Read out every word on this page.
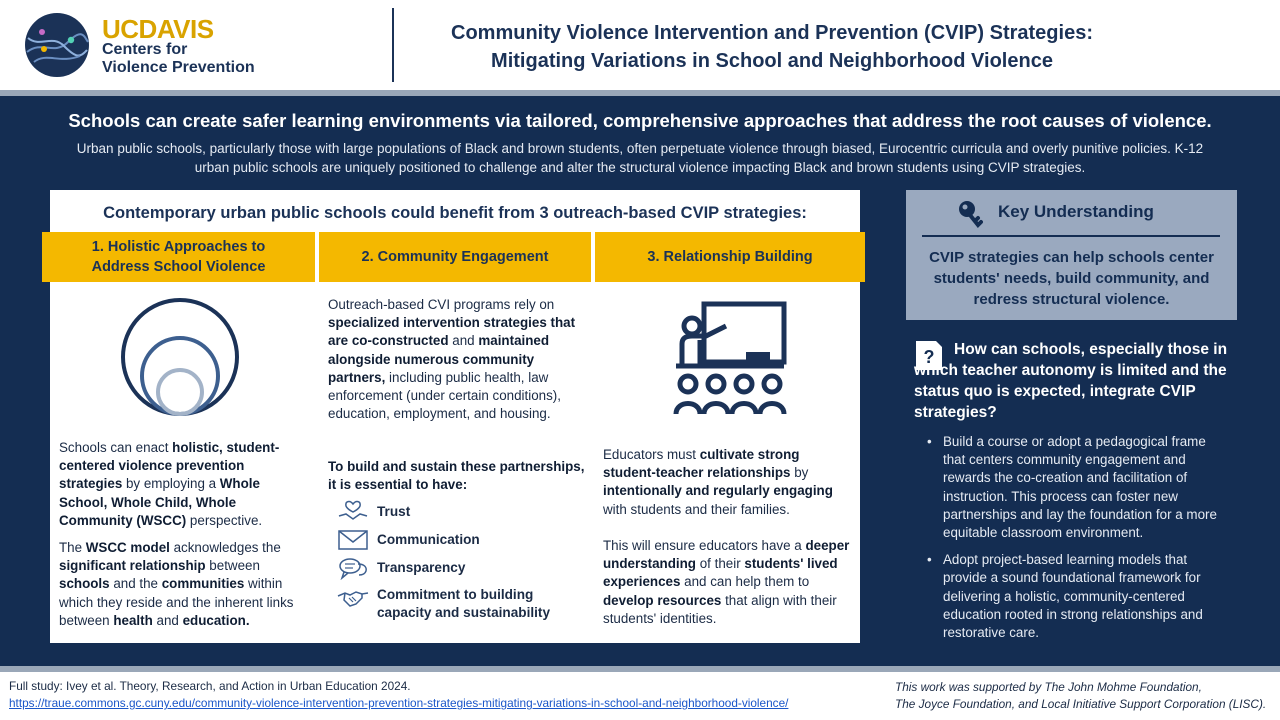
UCDAVIS
Centers for
Violence Prevention
Community Violence Intervention and Prevention (CVIP) Strategies:
Mitigating Variations in School and Neighborhood Violence
Schools can create safer learning environments via tailored, comprehensive approaches that address the root causes of violence.
Urban public schools, particularly those with large populations of Black and brown students, often perpetuate violence through biased, Eurocentric curricula and overly punitive policies. K-12 urban public schools are uniquely positioned to challenge and alter the structural violence impacting Black and brown students using CVIP strategies.
Contemporary urban public schools could benefit from 3 outreach-based CVIP strategies:
1. Holistic Approaches to Address School Violence
2. Community Engagement	3. Relationship Building
Schools can enact holistic, student-centered violence prevention strategies by employing a Whole School, Whole Child, Whole Community (WSCC) perspective.
The WSCC model acknowledges the significant relationship between schools and the communities within which they reside and the inherent links between health and education.
Outreach-based CVI programs rely on specialized intervention strategies that are co-constructed and maintained alongside numerous community partners, including public health, law enforcement (under certain conditions), education, employment, and housing.
To build and sustain these partnerships, it is essential to have:
Trust
Communication
Transparency
Commitment to building capacity and sustainability
Educators must cultivate strong student-teacher relationships by intentionally and regularly engaging with students and their families.
This will ensure educators have a deeper understanding of their students' lived experiences and can help them to develop resources that align with their students' identities.
Key Understanding
CVIP strategies can help schools center students' needs, build community, and redress structural violence.
?	How can schools, especially those in which teacher autonomy is limited and the status quo is expected, integrate CVIP strategies?
• Build a course or adopt a pedagogical frame that centers community engagement and rewards the co-creation and facilitation of instruction. This process can foster new partnerships and lay the foundation for a more equitable classroom environment.
• Adopt project-based learning models that provide a sound foundational framework for delivering a holistic, community-centered education rooted in strong relationships and restorative care.
Full study: Ivey et al. Theory, Research, and Action in Urban Education 2024.
https://traue.commons.gc.cuny.edu/community-violence-intervention-prevention-strategies-mitigating-variations-in-school-and-neighborhood-violence/
This work was supported by The John Mohme Foundation,
The Joyce Foundation, and Local Initiative Support Corporation (LISC).
